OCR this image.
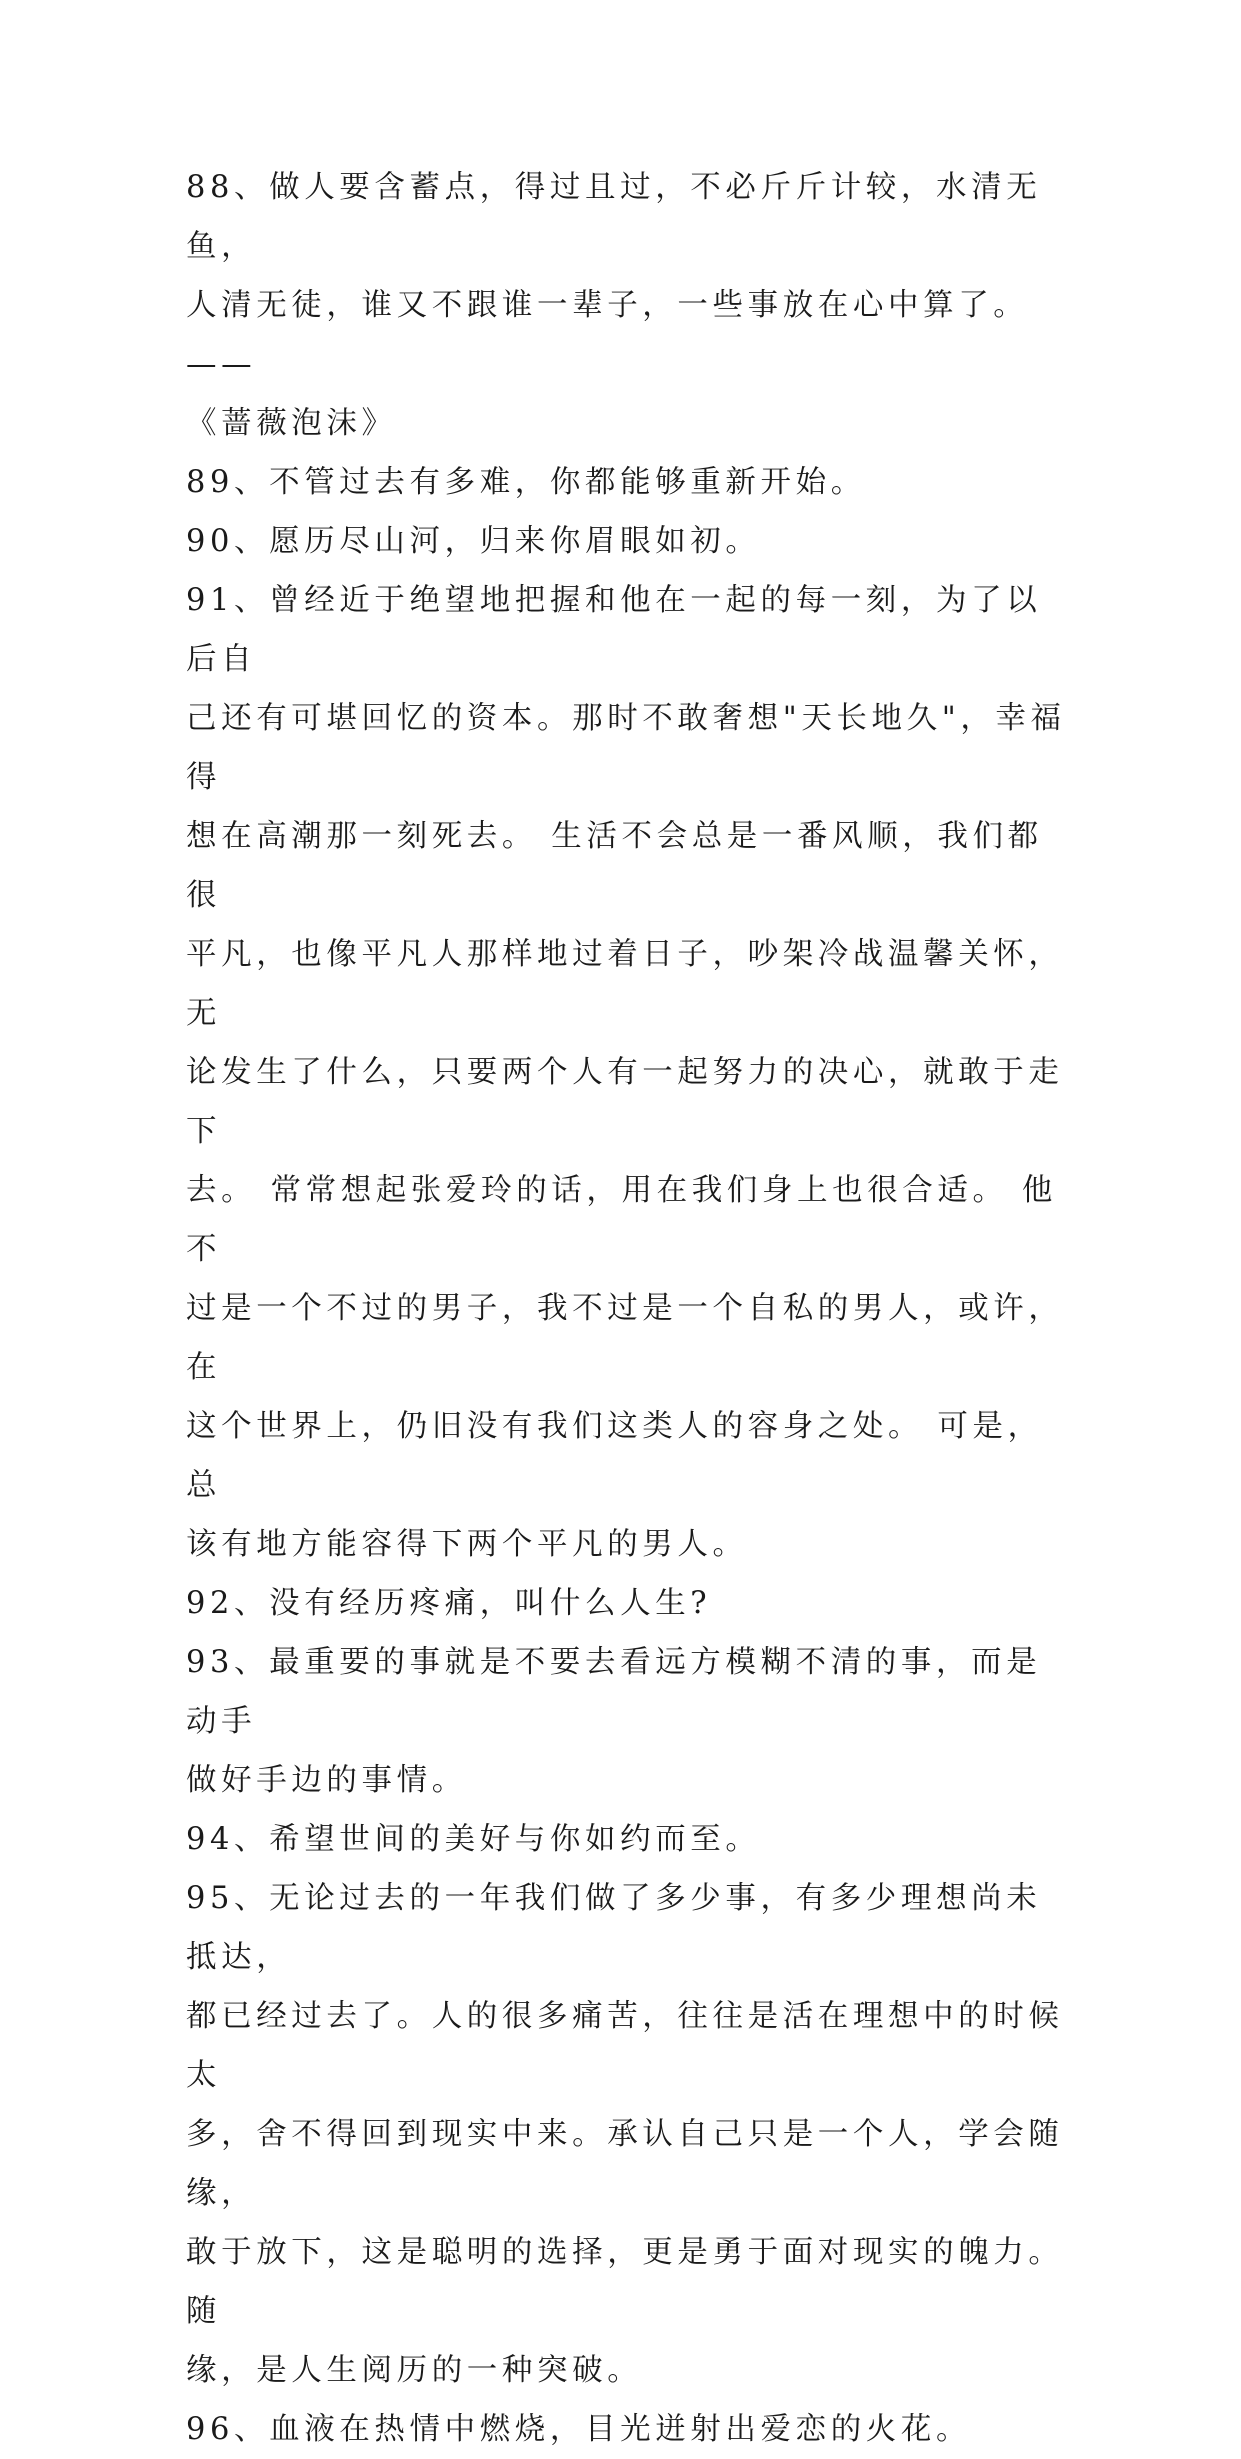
88、做人要含蓄点，得过且过，不必斤斤计较，水清无鱼，
人清无徒，谁又不跟谁一辈子，一些事放在心中算了。——
《蔷薇泡沫》

89、不管过去有多难，你都能够重新开始。

90、愿历尽山河，归来你眉眼如初。

91、曾经近于绝望地把握和他在一起的每一刻，为了以后自
己还有可堪回忆的资本。那时不敢奢想"天长地久"，幸福得
想在高潮那一刻死去。 生活不会总是一番风顺，我们都很
平凡，也像平凡人那样地过着日子，吵架冷战温馨关怀，无
论发生了什么，只要两个人有一起努力的决心，就敢于走下
去。 常常想起张爱玲的话，用在我们身上也很合适。 他不
过是一个不过的男子，我不过是一个自私的男人，或许，在
这个世界上，仍旧没有我们这类人的容身之处。 可是，总
该有地方能容得下两个平凡的男人。

92、没有经历疼痛，叫什么人生?

93、最重要的事就是不要去看远方模糊不清的事，而是动手
做好手边的事情。

94、希望世间的美好与你如约而至。

95、无论过去的一年我们做了多少事，有多少理想尚未抵达，
都已经过去了。人的很多痛苦，往往是活在理想中的时候太
多，舍不得回到现实中来。承认自己只是一个人，学会随缘，
敢于放下，这是聪明的选择，更是勇于面对现实的魄力。随
缘，是人生阅历的一种突破。

96、血液在热情中燃烧，目光迸射出爱恋的火花。
